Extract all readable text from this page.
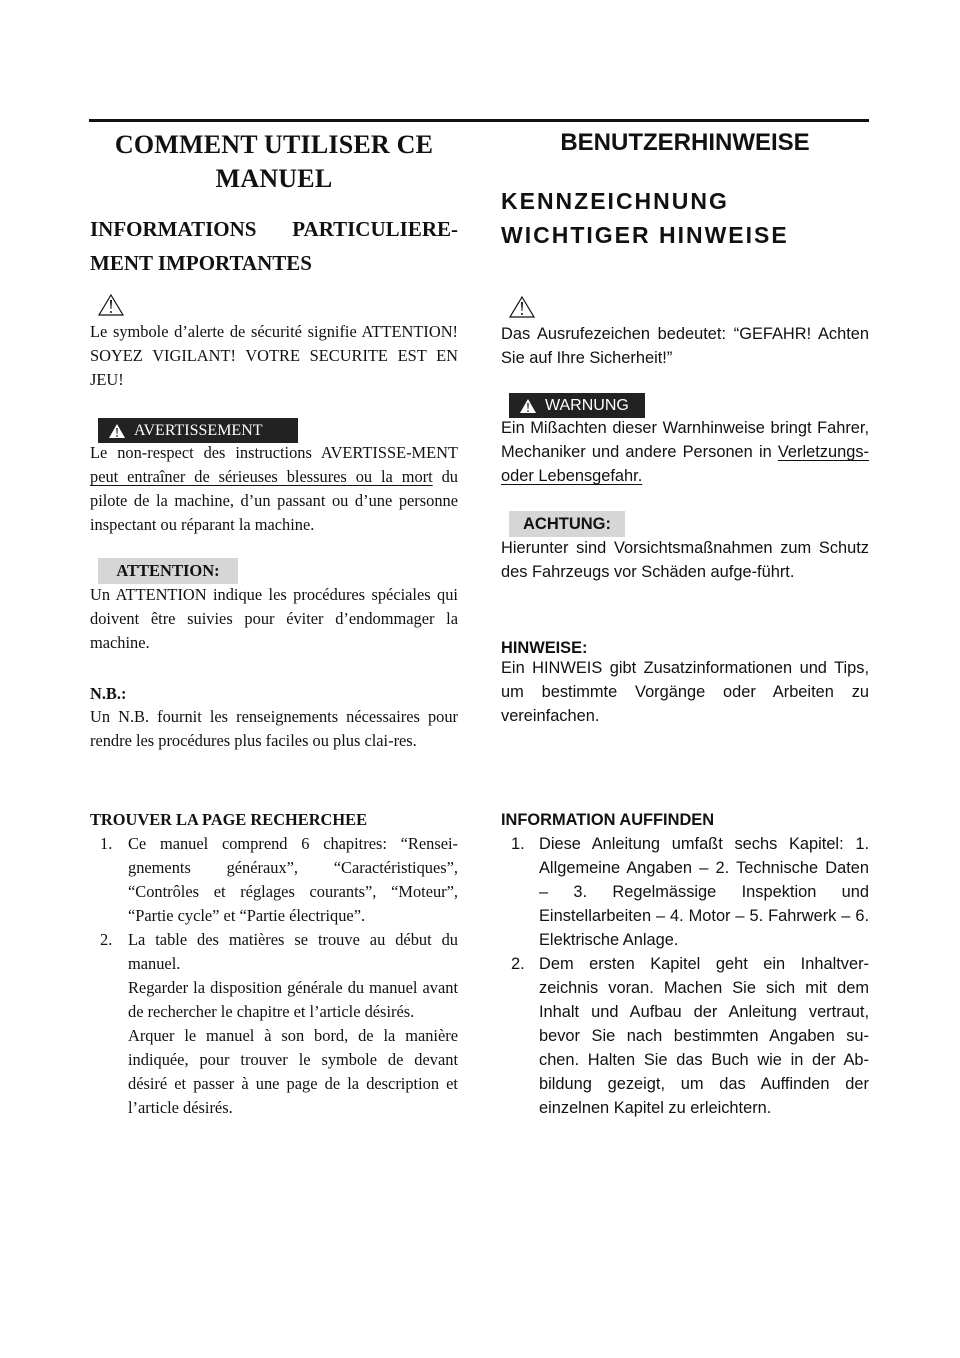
COMMENT UTILISER CE MANUEL
INFORMATIONS PARTICULIERE-MENT IMPORTANTES

Le symbole d’alerte de sécurité signifie ATTENTION! SOYEZ VIGILANT! VOTRE SECURITE EST EN JEU!

AVERTISSEMENT

Le non-respect des instructions AVERTISSE-MENT peut entraîner de sérieuses blessures ou la mort du pilote de la machine, d’un passant ou d’une personne inspectant ou réparant la machine.

ATTENTION:

Un ATTENTION indique les procédures spéciales qui doivent être suivies pour éviter d’endommager la machine.

N.B.:

Un N.B. fournit les renseignements nécessaires pour rendre les procédures plus faciles ou plus clai-res.

TROUVER LA PAGE RECHERCHEE

1. Ce manuel comprend 6 chapitres: “Rensei-gnements généraux”, “Caractéristiques”, “Contrôles et réglages courants”, “Moteur”, “Partie cycle” et “Partie électrique”.

2. La table des matières se trouve au début du manuel.

Regarder la disposition générale du manuel avant de rechercher le chapitre et l’article désirés.

Arquer le manuel à son bord, de la manière indiquée, pour trouver le symbole de devant désiré et passer à une page de la description et l’article désirés.

BENUTZERHINWEISE
KENNZEICHNUNG WICHTIGER HINWEISE

Das Ausrufezeichen bedeutet: “GEFAHR! Achten Sie auf Ihre Sicherheit!”

WARNUNG

Ein Mißachten dieser Warnhinweise bringt Fahrer, Mechaniker und andere Personen in Verletzungs- oder Lebensgefahr.

ACHTUNG:

Hierunter sind Vorsichtsmaßnahmen zum Schutz des Fahrzeugs vor Schäden aufge-führt.

HINWEISE:

Ein HINWEIS gibt Zusatzinformationen und Tips, um bestimmte Vorgänge oder Arbeiten zu vereinfachen.

INFORMATION AUFFINDEN

1. Diese Anleitung umfaßt sechs Kapitel: 1. Allgemeine Angaben – 2. Technische Daten – 3. Regelmässige Inspektion und Einstellarbeiten – 4. Motor – 5. Fahrwerk – 6. Elektrische Anlage.

2. Dem ersten Kapitel geht ein Inhaltver-zeichnis voran. Machen Sie sich mit dem Inhalt und Aufbau der Anleitung vertraut, bevor Sie nach bestimmten Angaben su-chen. Halten Sie das Buch wie in der Ab-bildung gezeigt, um das Auffinden der einzelnen Kapitel zu erleichtern.
